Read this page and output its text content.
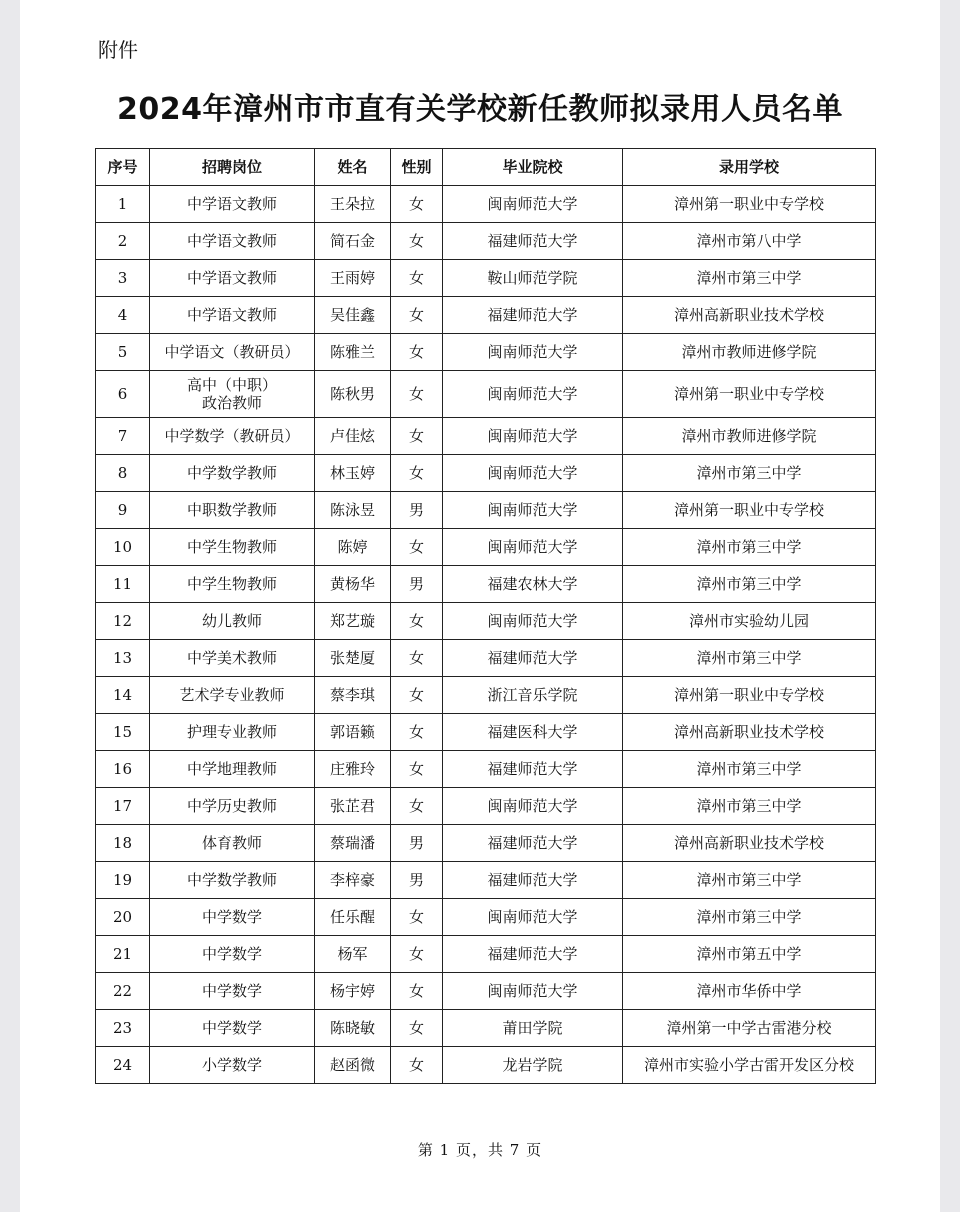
附件
2024年漳州市市直有关学校新任教师拟录用人员名单
序号	招聘岗位	姓名	性别	毕业院校	录用学校
1	中学语文教师	王朵拉	女	闽南师范大学	漳州第一职业中专学校
2	中学语文教师	简石金	女	福建师范大学	漳州市第八中学
3	中学语文教师	王雨婷	女	鞍山师范学院	漳州市第三中学
4	中学语文教师	吴佳鑫	女	福建师范大学	漳州高新职业技术学校
5	中学语文（教研员）	陈雅兰	女	闽南师范大学	漳州市教师进修学院
6	高中（中职）
政治教师	陈秋男	女	闽南师范大学	漳州第一职业中专学校
7	中学数学（教研员）	卢佳炫	女	闽南师范大学	漳州市教师进修学院
8	中学数学教师	林玉婷	女	闽南师范大学	漳州市第三中学
9	中职数学教师	陈泳昱	男	闽南师范大学	漳州第一职业中专学校
10	中学生物教师	陈婷	女	闽南师范大学	漳州市第三中学
11	中学生物教师	黄杨华	男	福建农林大学	漳州市第三中学
12	幼儿教师	郑艺璇	女	闽南师范大学	漳州市实验幼儿园
13	中学美术教师	张楚厦	女	福建师范大学	漳州市第三中学
14	艺术学专业教师	蔡李琪	女	浙江音乐学院	漳州第一职业中专学校
15	护理专业教师	郭语籁	女	福建医科大学	漳州高新职业技术学校
16	中学地理教师	庄雅玲	女	福建师范大学	漳州市第三中学
17	中学历史教师	张芷君	女	闽南师范大学	漳州市第三中学
18	体育教师	蔡瑞潘	男	福建师范大学	漳州高新职业技术学校
19	中学数学教师	李梓豪	男	福建师范大学	漳州市第三中学
20	中学数学	任乐醒	女	闽南师范大学	漳州市第三中学
21	中学数学	杨军	女	福建师范大学	漳州市第五中学
22	中学数学	杨宇婷	女	闽南师范大学	漳州市华侨中学
23	中学数学	陈晓敏	女	莆田学院	漳州第一中学古雷港分校
24	小学数学	赵函微	女	龙岩学院	漳州市实验小学古雷开发区分校
第 1 页，共 7 页
